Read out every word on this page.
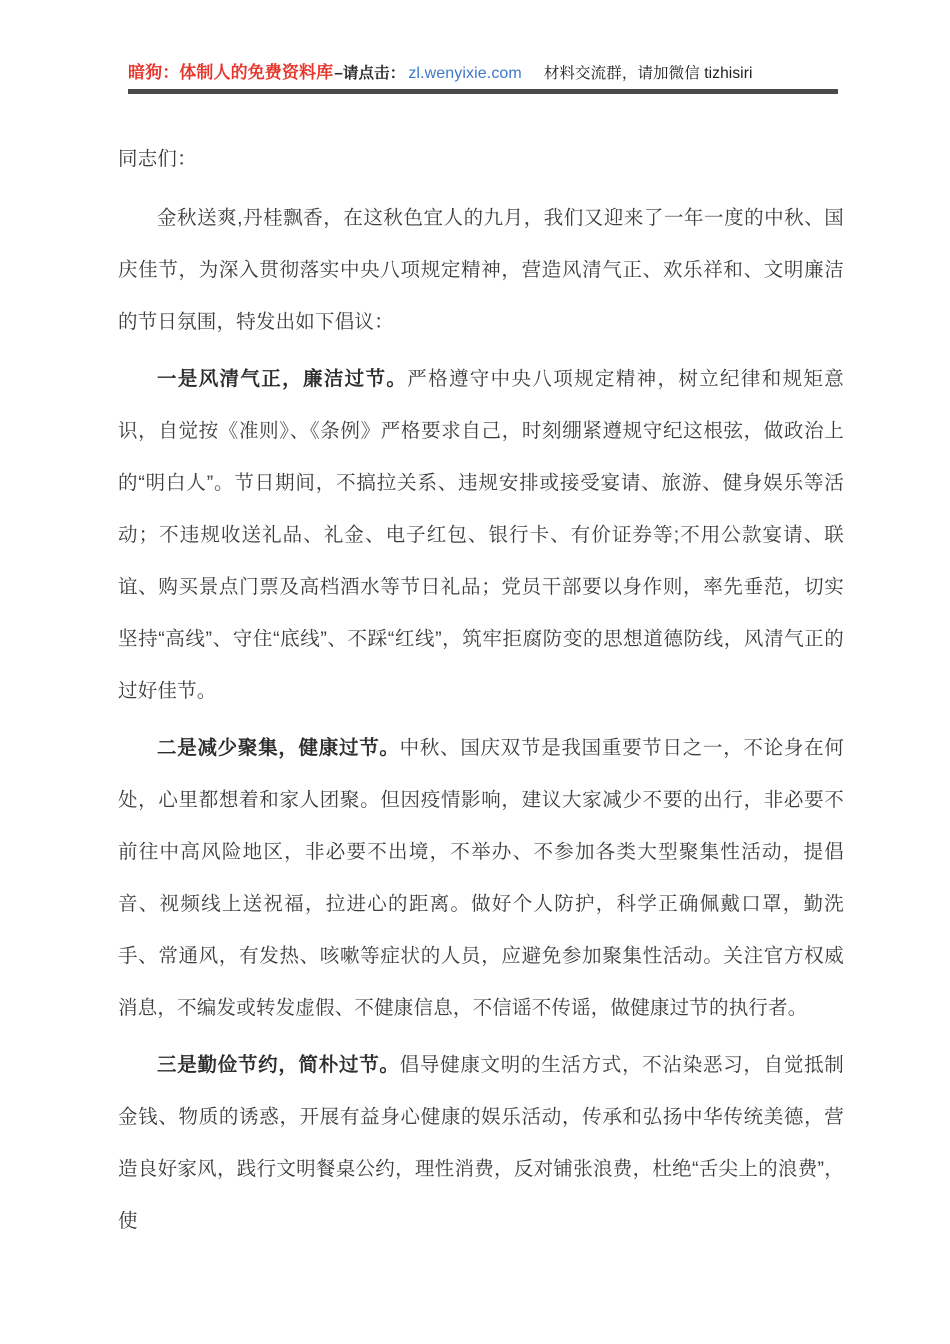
暗狗：体制人的免费资料库 –请点击： zl.wenyixie.com 材料交流群，请加微信 tizhisiri

同志们：

金秋送爽,丹桂飘香，在这秋色宜人的九月，我们又迎来了一年一度的中秋、国庆佳节，为深入贯彻落实中央八项规定精神，营造风清气正、欢乐祥和、文明廉洁的节日氛围，特发出如下倡议：

一是风清气正，廉洁过节。严格遵守中央八项规定精神，树立纪律和规矩意识，自觉按《准则》、《条例》严格要求自己，时刻绷紧遵规守纪这根弦，做政治上的“明白人”。节日期间，不搞拉关系、违规安排或接受宴请、旅游、健身娱乐等活动；不违规收送礼品、礼金、电子红包、银行卡、有价证券等;不用公款宴请、联谊、购买景点门票及高档酒水等节日礼品；党员干部要以身作则，率先垂范，切实坚持“高线”、守住“底线”、不踩“红线”，筑牢拒腐防变的思想道德防线，风清气正的过好佳节。

二是减少聚集，健康过节。中秋、国庆双节是我国重要节日之一，不论身在何处，心里都想着和家人团聚。但因疫情影响，建议大家减少不要的出行，非必要不前往中高风险地区，非必要不出境，不举办、不参加各类大型聚集性活动，提倡音、视频线上送祝福，拉进心的距离。做好个人防护，科学正确佩戴口罩，勤洗手、常通风，有发热、咳嗽等症状的人员，应避免参加聚集性活动。关注官方权威消息，不编发或转发虚假、不健康信息，不信谣不传谣，做健康过节的执行者。

三是勤俭节约，简朴过节。倡导健康文明的生活方式，不沾染恶习，自觉抵制金钱、物质的诱惑，开展有益身心健康的娱乐活动，传承和弘扬中华传统美德，营造良好家风，践行文明餐桌公约，理性消费，反对铺张浪费，杜绝“舌尖上的浪费”，使
